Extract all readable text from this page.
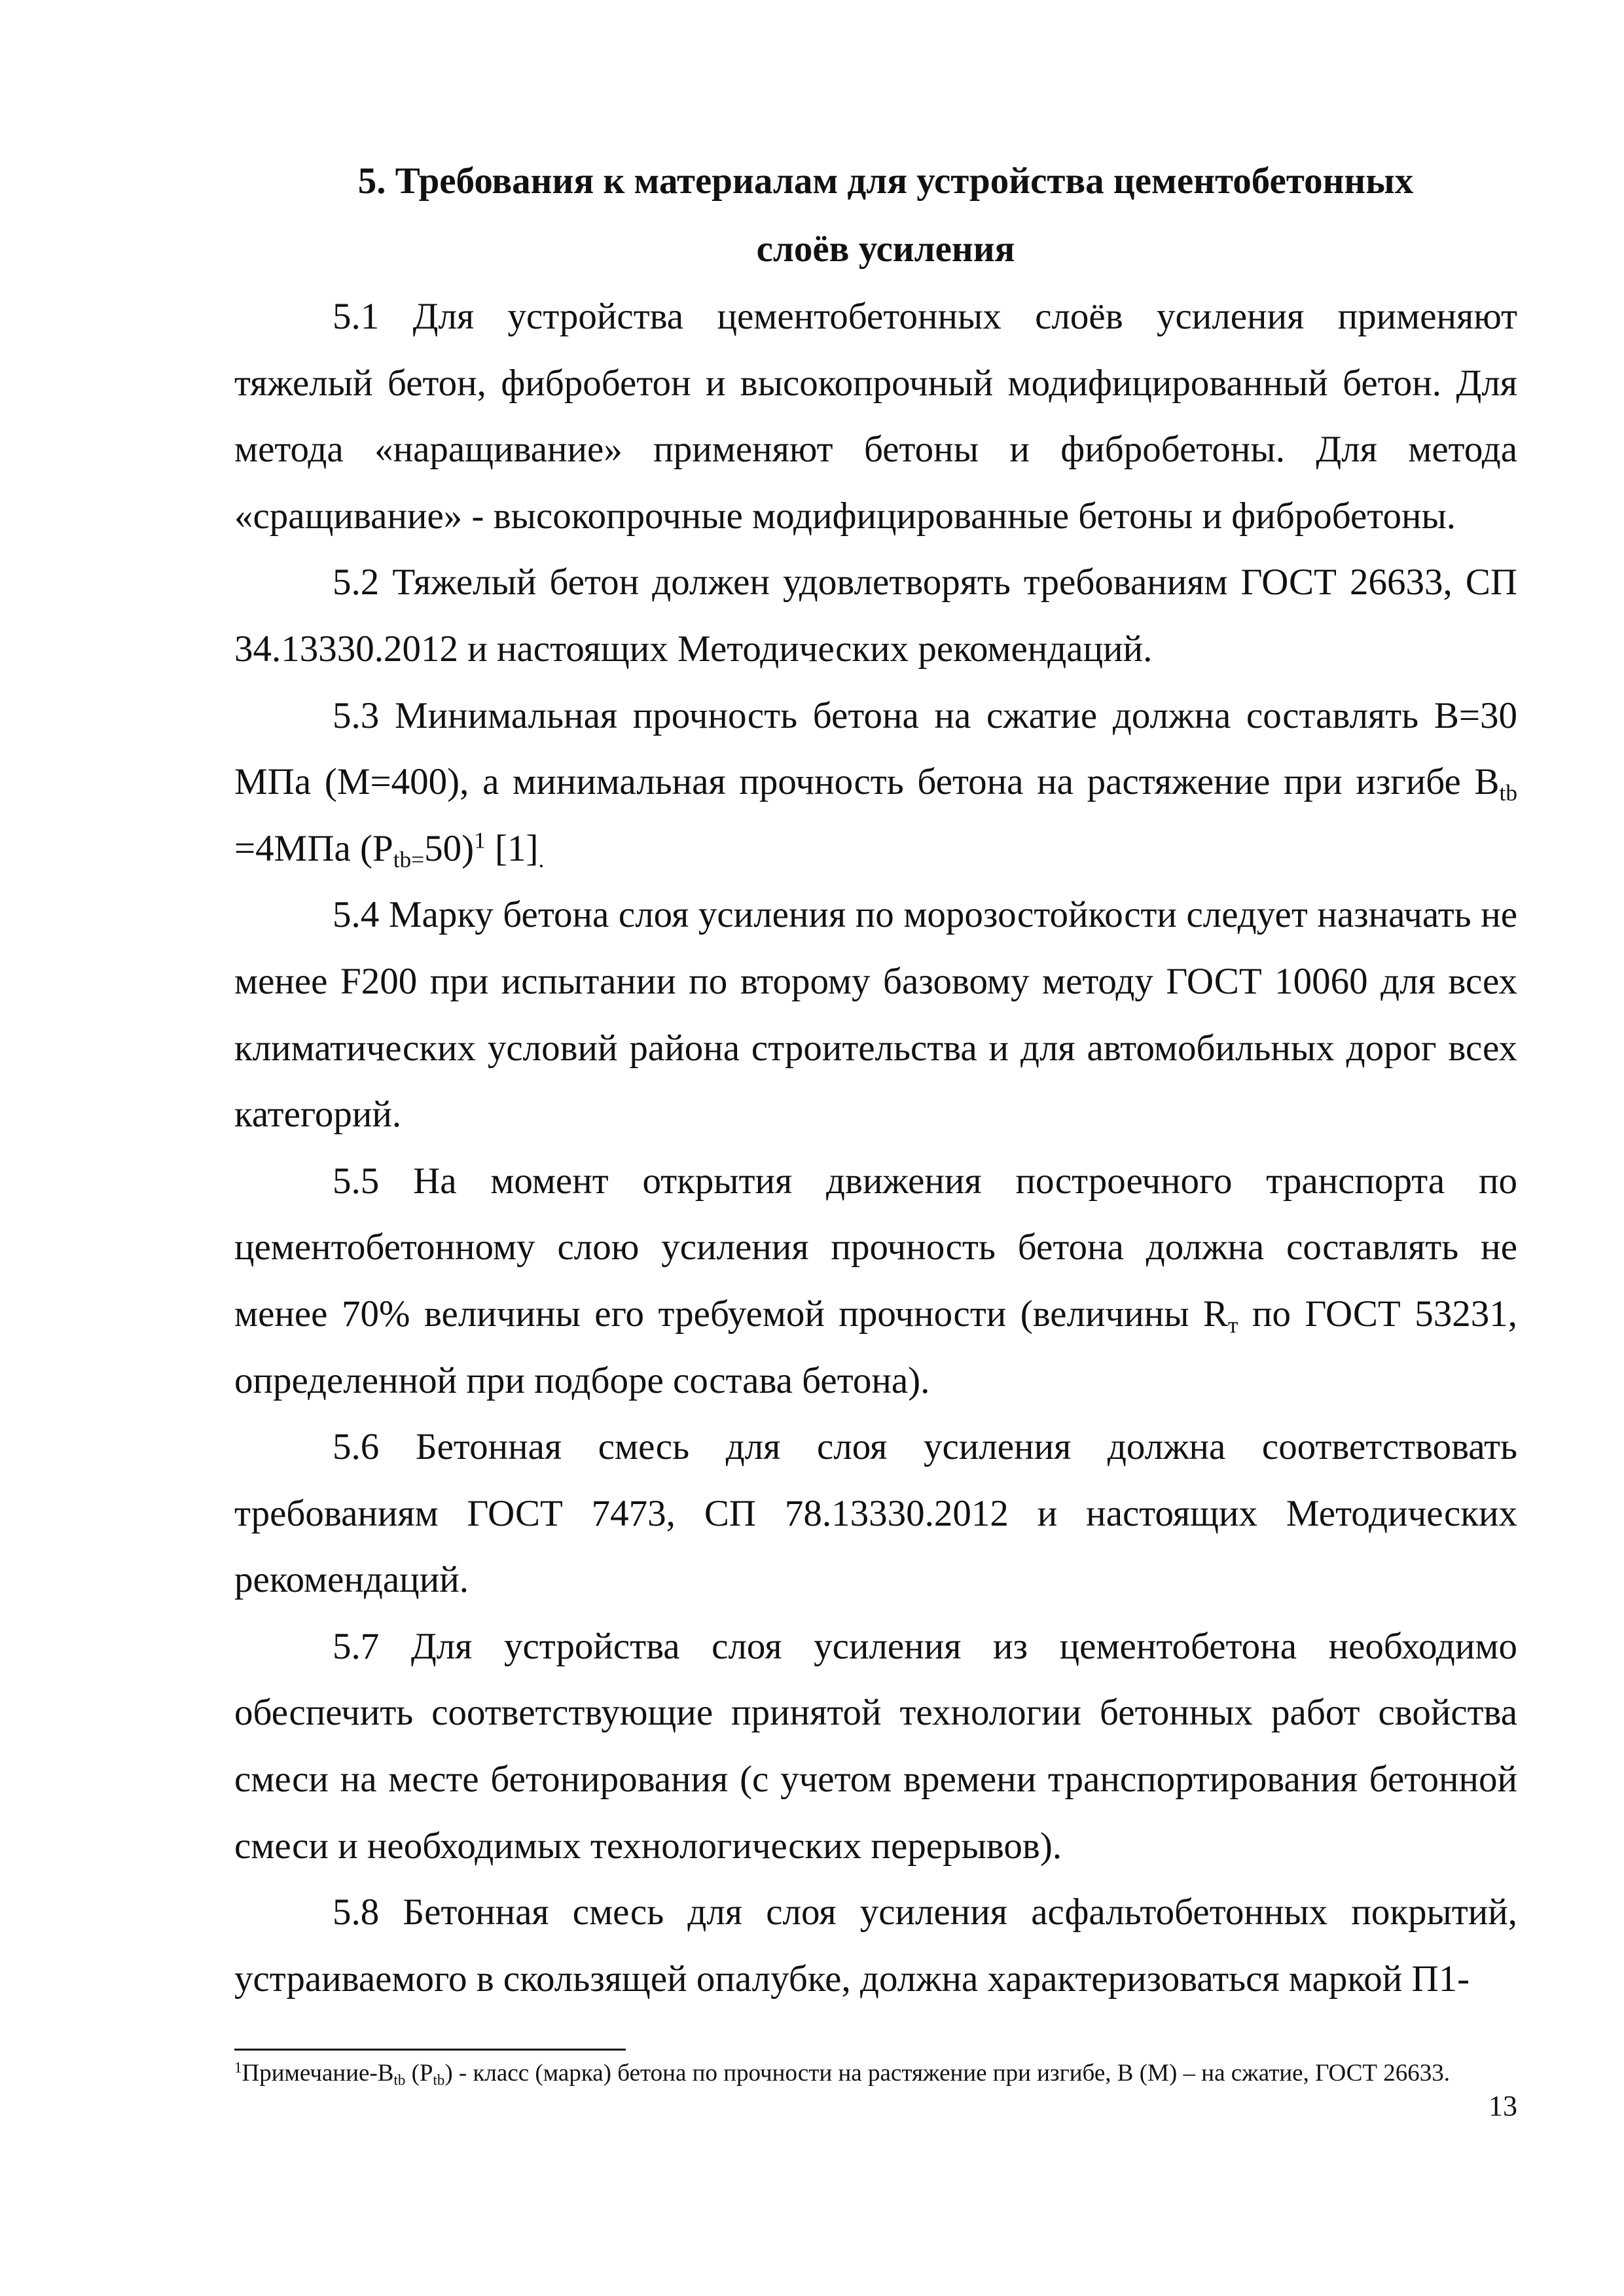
5. Требования к материалам для устройства цементобетонных
слоёв усиления

5.1 Для устройства цементобетонных слоёв усиления применяют тяжелый бетон, фибробетон и высокопрочный модифицированный бетон. Для метода «наращивание» применяют бетоны и фибробетоны. Для метода «сращивание» - высокопрочные модифицированные бетоны и фибробетоны.

5.2 Тяжелый бетон должен удовлетворять требованиям ГОСТ 26633, СП 34.13330.2012 и настоящих Методических рекомендаций.

5.3 Минимальная прочность бетона на сжатие должна составлять В=30 МПа (М=400), а минимальная прочность бетона на растяжение при изгибе $В_{tb} =4МПа$ $(P_{tb=}50)^1$ $[1]_.$

5.4 Марку бетона слоя усиления по морозостойкости следует назначать не менее F200 при испытании по второму базовому методу ГОСТ 10060 для всех климатических условий района строительства и для автомобильных дорог всех категорий.

5.5 На момент открытия движения построечного транспорта по цементобетонному слою усиления прочность бетона должна составлять не менее 70% величины его требуемой прочности (величины $R_т$ по ГОСТ 53231, определенной при подборе состава бетона).

5.6 Бетонная смесь для слоя усиления должна соответствовать требованиям ГОСТ 7473, СП 78.13330.2012 и настоящих Методических рекомендаций.

5.7 Для устройства слоя усиления из цементобетона необходимо обеспечить соответствующие принятой технологии бетонных работ свойства смеси на месте бетонирования (с учетом времени транспортирования бетонной смеси и необходимых технологических перерывов).

5.8 Бетонная смесь для слоя усиления асфальтобетонных покрытий, устраиваемого в скользящей опалубке, должна характеризоваться маркой П1-

$^1Примечание-B_{tb}$ $(P_{tb})$ - класс (марка) бетона по прочности на растяжение при изгибе, В (М) – на сжатие, ГОСТ 26633.

13
